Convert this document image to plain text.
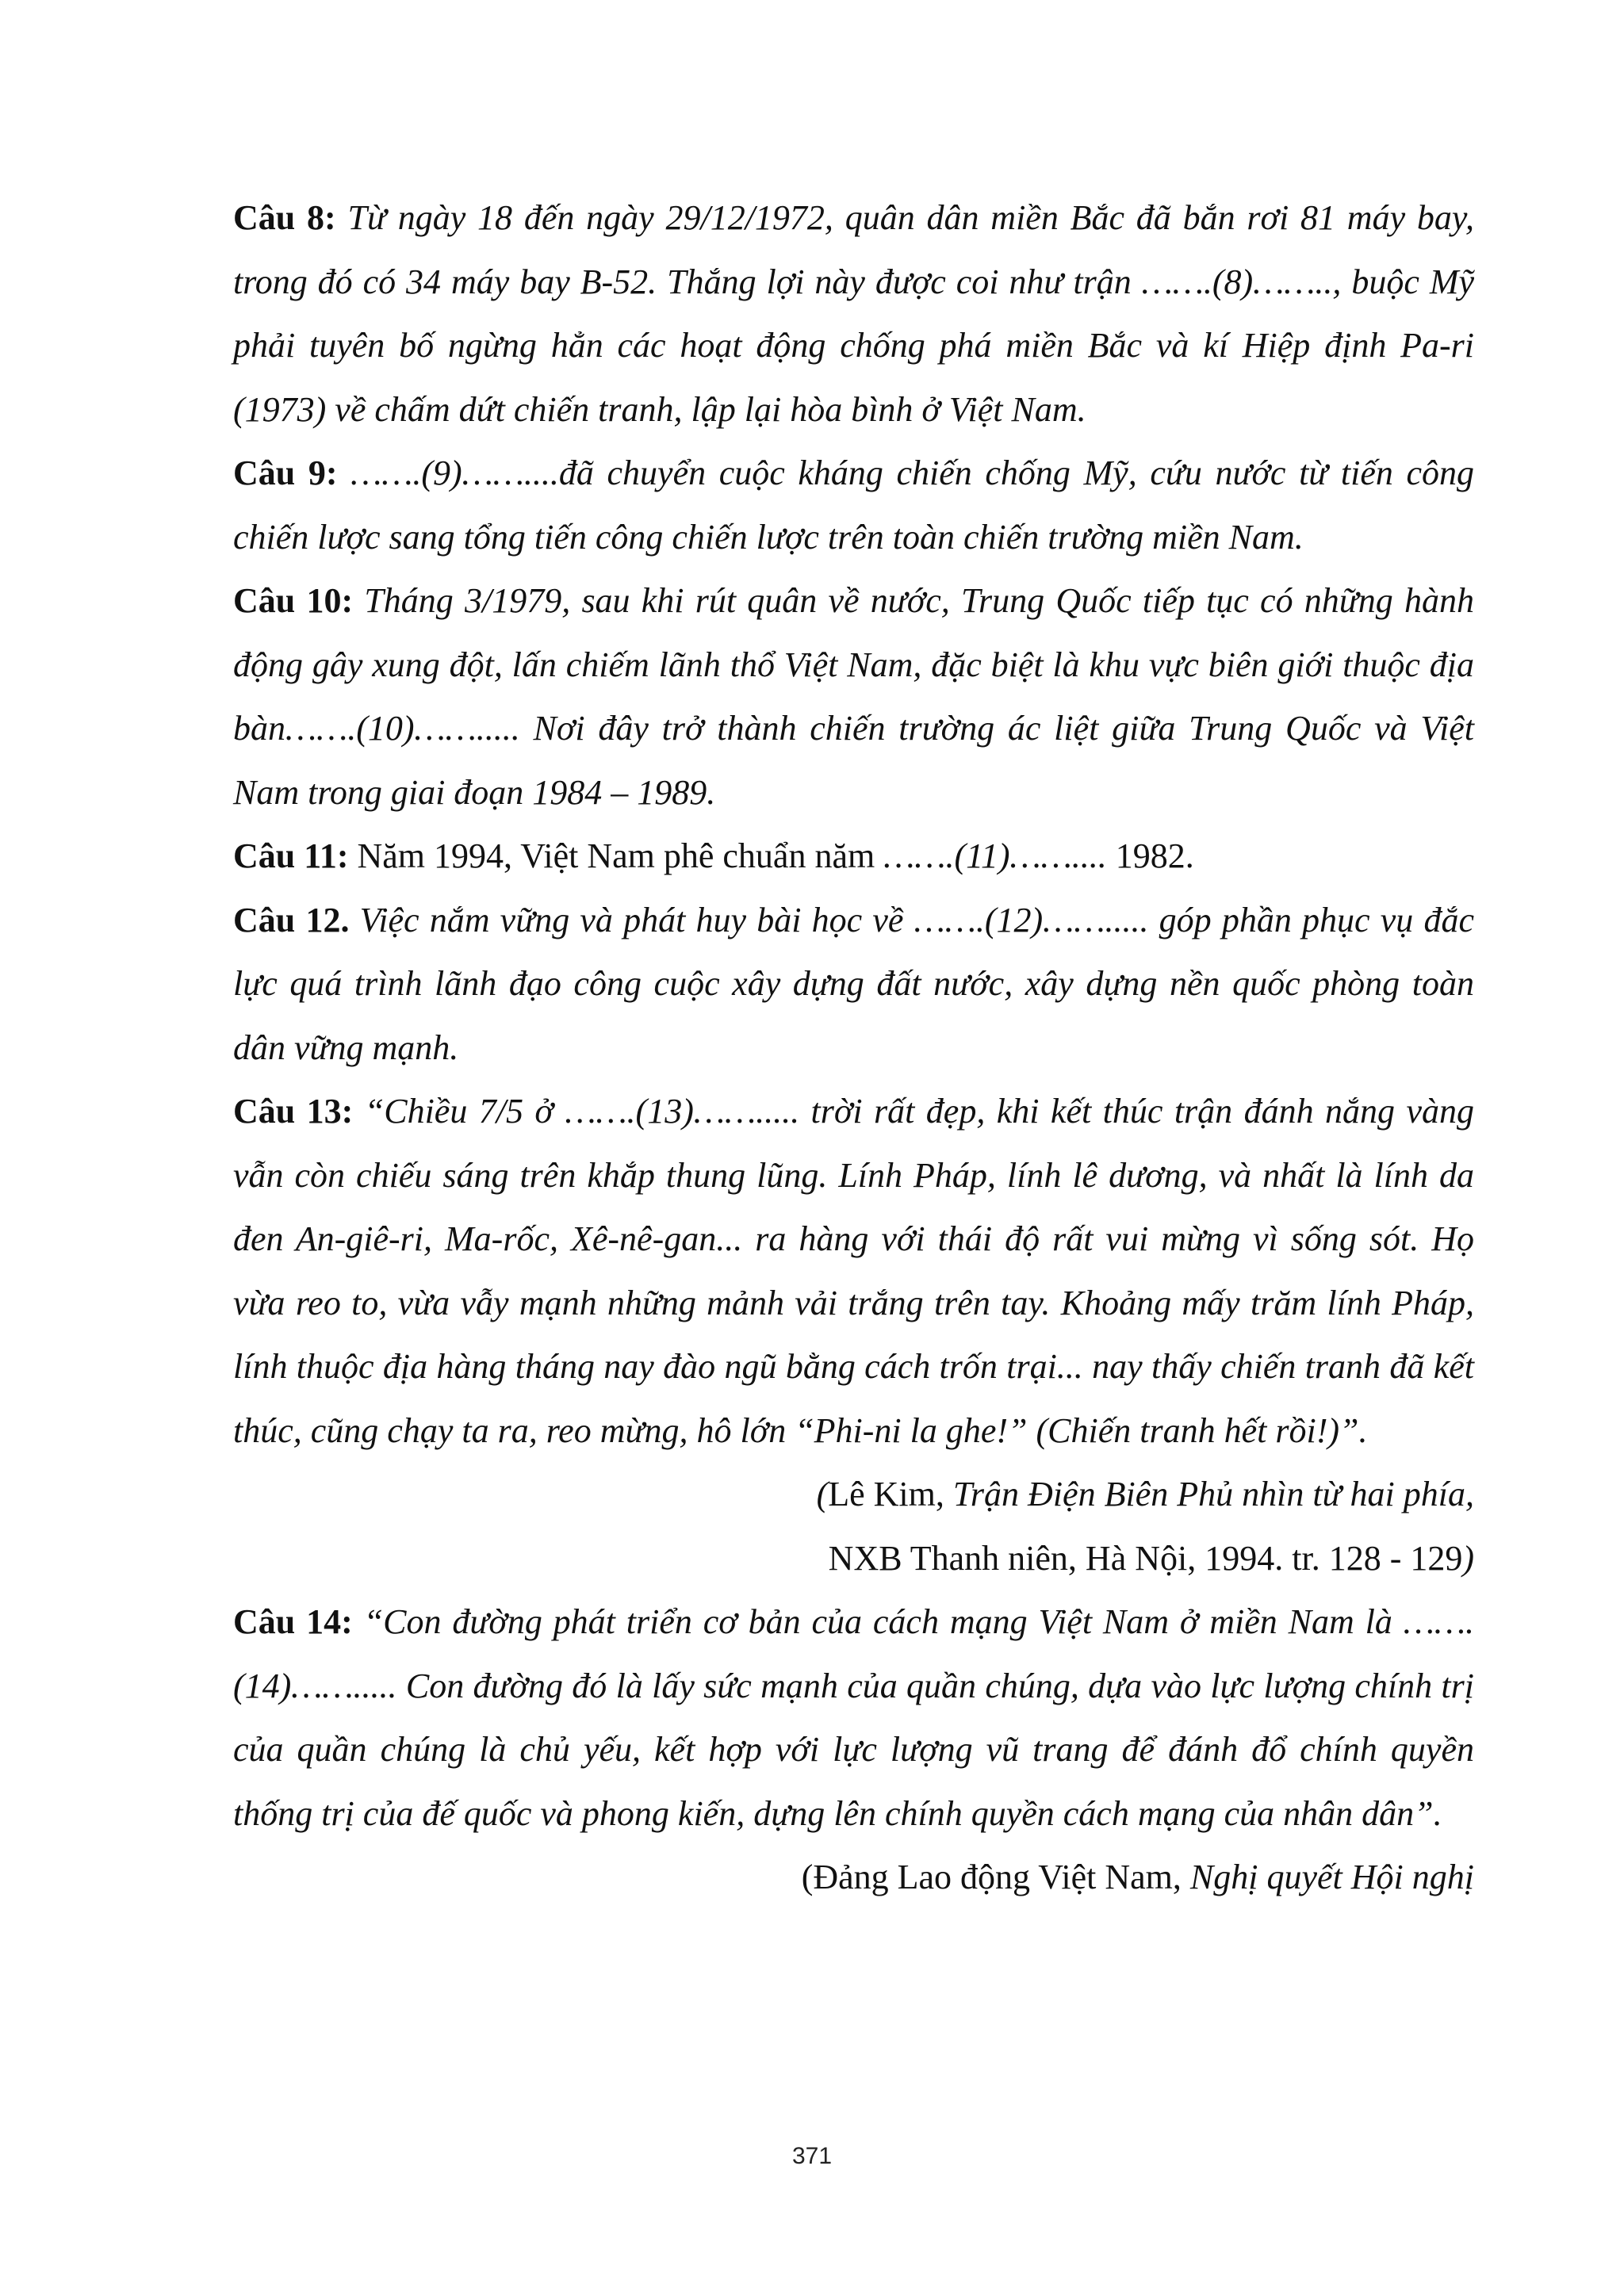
Câu 8: Từ ngày 18 đến ngày 29/12/1972, quân dân miền Bắc đã bắn rơi 81 máy bay, trong đó có 34 máy bay B-52. Thắng lợi này được coi như trận …….(8)…….., buộc Mỹ phải tuyên bố ngừng hẳn các hoạt động chống phá miền Bắc và kí Hiệp định Pa-ri (1973) về chấm dứt chiến tranh, lập lại hòa bình ở Việt Nam.

Câu 9: …….(9)……....đã chuyển cuộc kháng chiến chống Mỹ, cứu nước từ tiến công chiến lược sang tổng tiến công chiến lược trên toàn chiến trường miền Nam.

Câu 10: Tháng 3/1979, sau khi rút quân về nước, Trung Quốc tiếp tục có những hành động gây xung đột, lấn chiếm lãnh thổ Việt Nam, đặc biệt là khu vực biên giới thuộc địa bàn…….(10)……..... Nơi đây trở thành chiến trường ác liệt giữa Trung Quốc và Việt Nam trong giai đoạn 1984 – 1989.

Câu 11: Năm 1994, Việt Nam phê chuẩn năm …….(11)…….... 1982.

Câu 12. Việc nắm vững và phát huy bài học về …….(12)……..... góp phần phục vụ đắc lực quá trình lãnh đạo công cuộc xây dựng đất nước, xây dựng nền quốc phòng toàn dân vững mạnh.

Câu 13: “Chiều 7/5 ở …….(13)……..... trời rất đẹp, khi kết thúc trận đánh nắng vàng vẫn còn chiếu sáng trên khắp thung lũng. Lính Pháp, lính lê dương, và nhất là lính da đen An-giê-ri, Ma-rốc, Xê-nê-gan... ra hàng với thái độ rất vui mừng vì sống sót. Họ vừa reo to, vừa vẫy mạnh những mảnh vải trắng trên tay. Khoảng mấy trăm lính Pháp, lính thuộc địa hàng tháng nay đào ngũ bằng cách trốn trại... nay thấy chiến tranh đã kết thúc, cũng chạy ta ra, reo mừng, hô lớn “Phi-ni la ghe!” (Chiến tranh hết rồi!)”.

(Lê Kim, Trận Điện Biên Phủ nhìn từ hai phía,

NXB Thanh niên, Hà Nội, 1994. tr. 128 - 129)

Câu 14: “Con đường phát triển cơ bản của cách mạng Việt Nam ở miền Nam là …….(14)……..... Con đường đó là lấy sức mạnh của quần chúng, dựa vào lực lượng chính trị của quần chúng là chủ yếu, kết hợp với lực lượng vũ trang để đánh đổ chính quyền thống trị của đế quốc và phong kiến, dựng lên chính quyền cách mạng của nhân dân”.

(Đảng Lao động Việt Nam, Nghị quyết Hội nghị

371
